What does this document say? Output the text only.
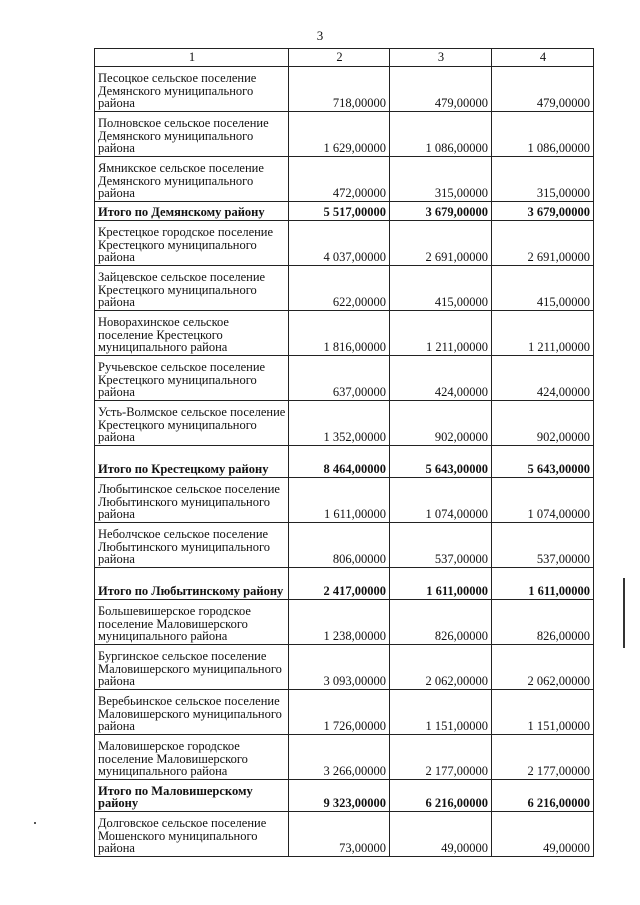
3
1	2	3	4
Песоцкое сельское поселение Демянского муниципального района	718,00000	479,00000	479,00000
Полновское сельское поселение Демянского муниципального района	1 629,00000	1 086,00000	1 086,00000
Ямникское сельское поселение Демянского муниципального района	472,00000	315,00000	315,00000
Итого по Демянскому району	5 517,00000	3 679,00000	3 679,00000
Крестецкое городское поселение Крестецкого муниципального района	4 037,00000	2 691,00000	2 691,00000
Зайцевское сельское поселение Крестецкого муниципального района	622,00000	415,00000	415,00000
Новорахинское сельское поселение Крестецкого муниципального района	1 816,00000	1 211,00000	1 211,00000
Ручьевское сельское поселение Крестецкого муниципального района	637,00000	424,00000	424,00000
Усть-Волмское сельское поселение Крестецкого муниципального района	1 352,00000	902,00000	902,00000
Итого по Крестецкому району	8 464,00000	5 643,00000	5 643,00000
Любытинское сельское поселение Любытинского муниципального района	1 611,00000	1 074,00000	1 074,00000
Неболчское сельское поселение Любытинского муниципального района	806,00000	537,00000	537,00000
Итого по Любытинскому району	2 417,00000	1 611,00000	1 611,00000
Большевишерское городское поселение Маловишерского муниципального района	1 238,00000	826,00000	826,00000
Бургинское сельское поселение Маловишерского муниципального района	3 093,00000	2 062,00000	2 062,00000
Веребьинское сельское поселение Маловишерского муниципального района	1 726,00000	1 151,00000	1 151,00000
Маловишерское городское поселение Маловишерского муниципального района	3 266,00000	2 177,00000	2 177,00000
Итого по Маловишерскому району	9 323,00000	6 216,00000	6 216,00000
Долговское сельское поселение Мошенского муниципального района	73,00000	49,00000	49,00000
